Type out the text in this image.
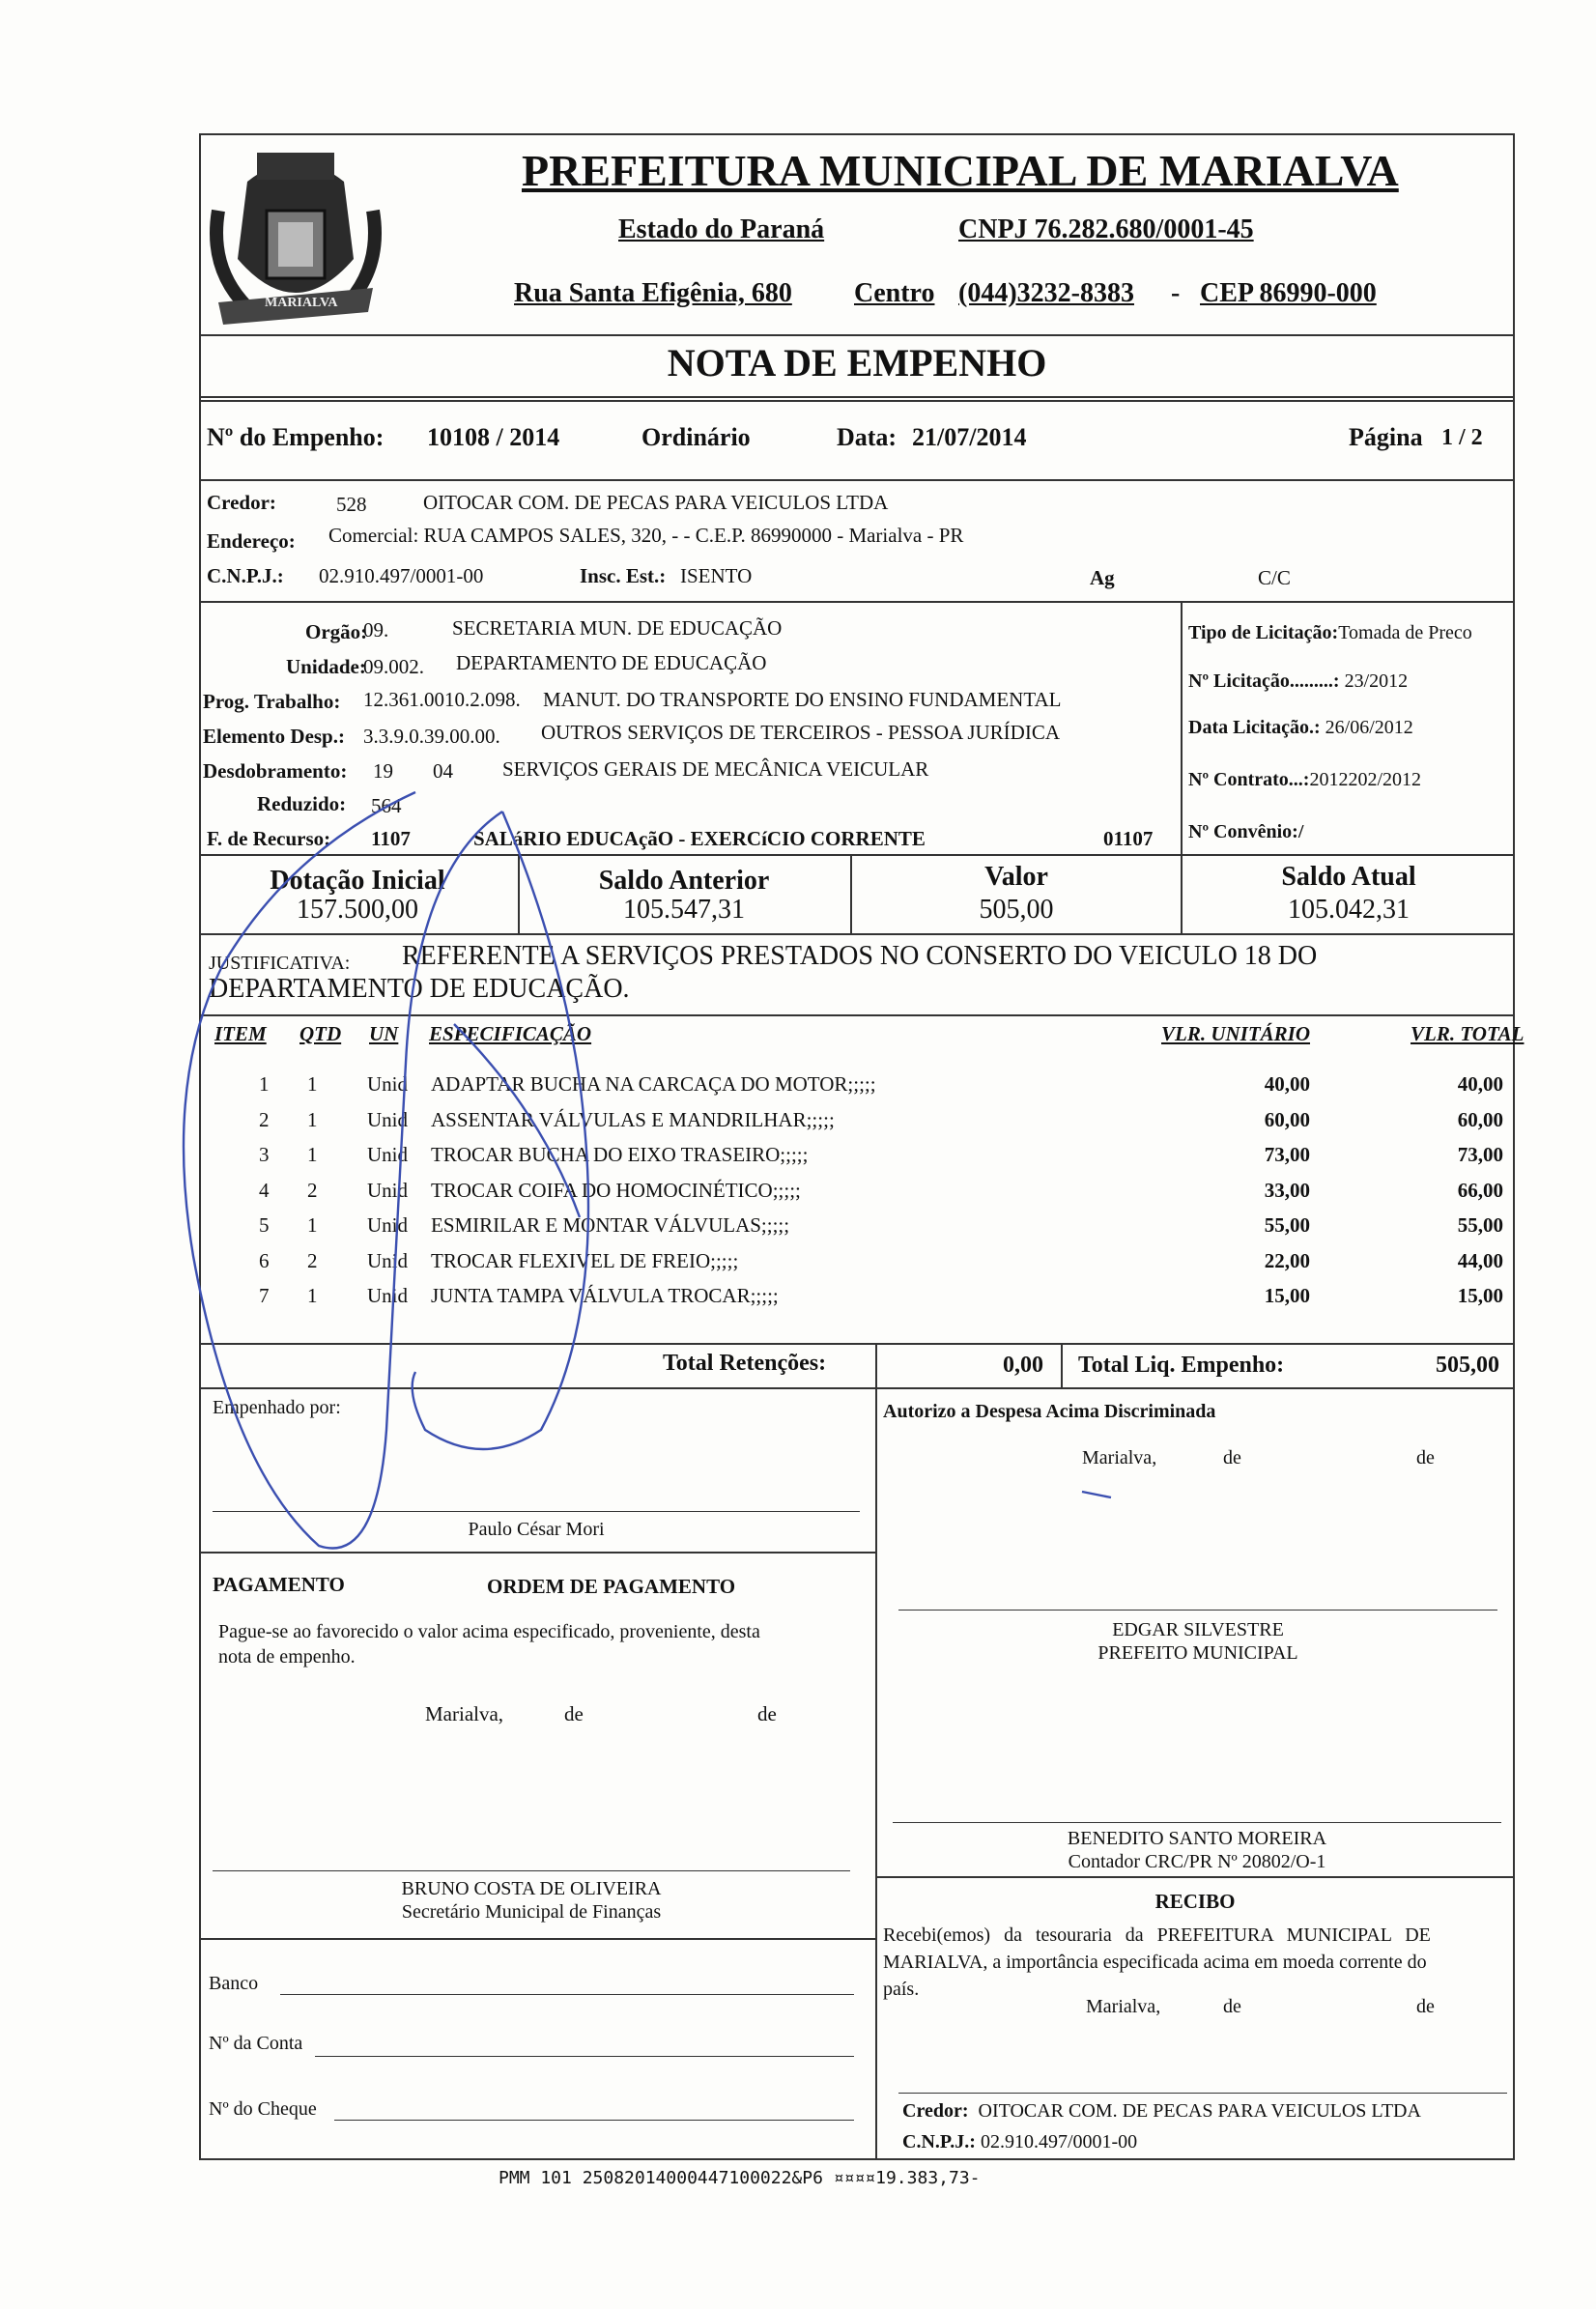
MARIALVA
PREFEITURA MUNICIPAL DE MARIALVA
Estado do Paraná	CNPJ 76.282.680/0001-45
Rua Santa Efigênia, 680 Centro (044)3232-8383 - CEP 86990-000
NOTA DE EMPENHO
Nº do Empenho: 10108 / 2014	Ordinário	Data: 21/07/2014	Página 1 / 2
Credor:	528	OITOCAR COM. DE PECAS PARA VEICULOS LTDA
Endereço: Comercial: RUA CAMPOS SALES, 320, - - C.E.P. 86990000 - Marialva - PR
C.N.P.J.: 02.910.497/0001-00	Insc. Est.: ISENTO	Ag	C/C
Orgão:
09.	SECRETARIA MUN. DE EDUCAÇÃO
Unidade:
09.002. DEPARTAMENTO DE EDUCAÇÃO
Prog. Trabalho: 12.361.0010.2.098. MANUT. DO TRANSPORTE DO ENSINO FUNDAMENTAL
Elemento Desp.: 3.3.9.0.39.00.00. OUTROS SERVIÇOS DE TERCEIROS - PESSOA JURÍDICA
Desdobramento: 19 04 SERVIÇOS GERAIS DE MECÂNICA VEICULAR
Reduzido: 564
F. de Recurso: 1107	SALáRIO EDUCAçãO - EXERCíCIO CORRENTE	01107
Tipo de Licitação:Tomada de Preco
Nº Licitação.........: 23/2012
Data Licitação.: 26/06/2012
Nº Contrato...:2012202/2012
Nº Convênio:/
Dotação Inicial
157.500,00
Saldo Anterior
105.547,31
Valor
505,00
Saldo Atual
105.042,31
JUSTIFICATIVA: REFERENTE A SERVIÇOS PRESTADOS NO CONSERTO DO VEICULO 18 DO
DEPARTAMENTO DE EDUCAÇÃO.
ITEM QTD UN ESPECIFICAÇÃO	VLR. UNITÁRIO	VLR. TOTAL
1 1 Unid ADAPTAR BUCHA NA CARCAÇA DO MOTOR;;;;;	40,00	40,00
2 1 Unid ASSENTAR VÁLVULAS E MANDRILHAR;;;;;	60,00	60,00
3 1 Unid TROCAR BUCHA DO EIXO TRASEIRO;;;;;	73,00	73,00
4 2 Unid TROCAR COIFA DO HOMOCINÉTICO;;;;;	33,00	66,00
5 1 Unid ESMIRILAR E MONTAR VÁLVULAS;;;;;	55,00	55,00
6 2 Unid TROCAR FLEXIVEL DE FREIO;;;;;	22,00	44,00
7 1 Unid JUNTA TAMPA VÁLVULA TROCAR;;;;;	15,00	15,00
Total Retenções:	0,00 Total Liq. Empenho:	505,00
Empenhado por:
Paulo César Mori
Autorizo a Despesa Acima Discriminada
Marialva,	de	de
PAGAMENTO	ORDEM DE PAGAMENTO
Pague-se ao favorecido o valor acima especificado, proveniente, desta
nota de empenho.
Marialva,	de	de
EDGAR SILVESTRE
PREFEITO MUNICIPAL
BENEDITO SANTO MOREIRA
Contador CRC/PR Nº 20802/O-1
BRUNO COSTA DE OLIVEIRA
Secretário Municipal de Finanças
Banco
Nº da Conta
Nº do Cheque
RECIBO
Recebi(emos) da tesouraria da PREFEITURA MUNICIPAL DE
MARIALVA, a importância especificada acima em moeda corrente do
país.
Marialva,	de	de
Credor: OITOCAR COM. DE PECAS PARA VEICULOS LTDA
C.N.P.J.: 02.910.497/0001-00
PMM 101 25082014000447100022&P6 ¤¤¤¤19.383,73-
